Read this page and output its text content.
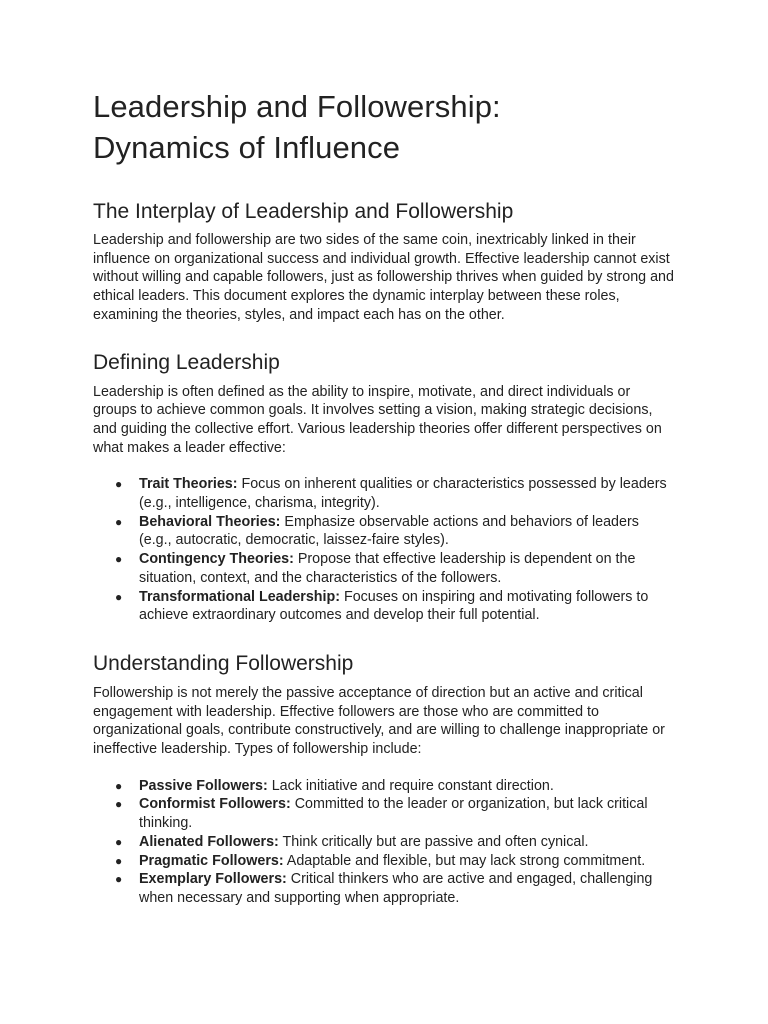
Leadership and Followership:
Dynamics of Influence
The Interplay of Leadership and Followership

Leadership and followership are two sides of the same coin, inextricably linked in their influence on organizational success and individual growth. Effective leadership cannot exist without willing and capable followers, just as followership thrives when guided by strong and ethical leaders. This document explores the dynamic interplay between these roles, examining the theories, styles, and impact each has on the other.

Defining Leadership

Leadership is often defined as the ability to inspire, motivate, and direct individuals or groups to achieve common goals. It involves setting a vision, making strategic decisions, and guiding the collective effort. Various leadership theories offer different perspectives on what makes a leader effective:

● Trait Theories: Focus on inherent qualities or characteristics possessed by leaders (e.g., intelligence, charisma, integrity).
● Behavioral Theories: Emphasize observable actions and behaviors of leaders (e.g., autocratic, democratic, laissez-faire styles).
● Contingency Theories: Propose that effective leadership is dependent on the situation, context, and the characteristics of the followers.
● Transformational Leadership: Focuses on inspiring and motivating followers to achieve extraordinary outcomes and develop their full potential.
Understanding Followership

Followership is not merely the passive acceptance of direction but an active and critical engagement with leadership. Effective followers are those who are committed to organizational goals, contribute constructively, and are willing to challenge inappropriate or ineffective leadership. Types of followership include:

● Passive Followers: Lack initiative and require constant direction.
● Conformist Followers: Committed to the leader or organization, but lack critical thinking.
● Alienated Followers: Think critically but are passive and often cynical.
● Pragmatic Followers: Adaptable and flexible, but may lack strong commitment.
● Exemplary Followers: Critical thinkers who are active and engaged, challenging when necessary and supporting when appropriate.
